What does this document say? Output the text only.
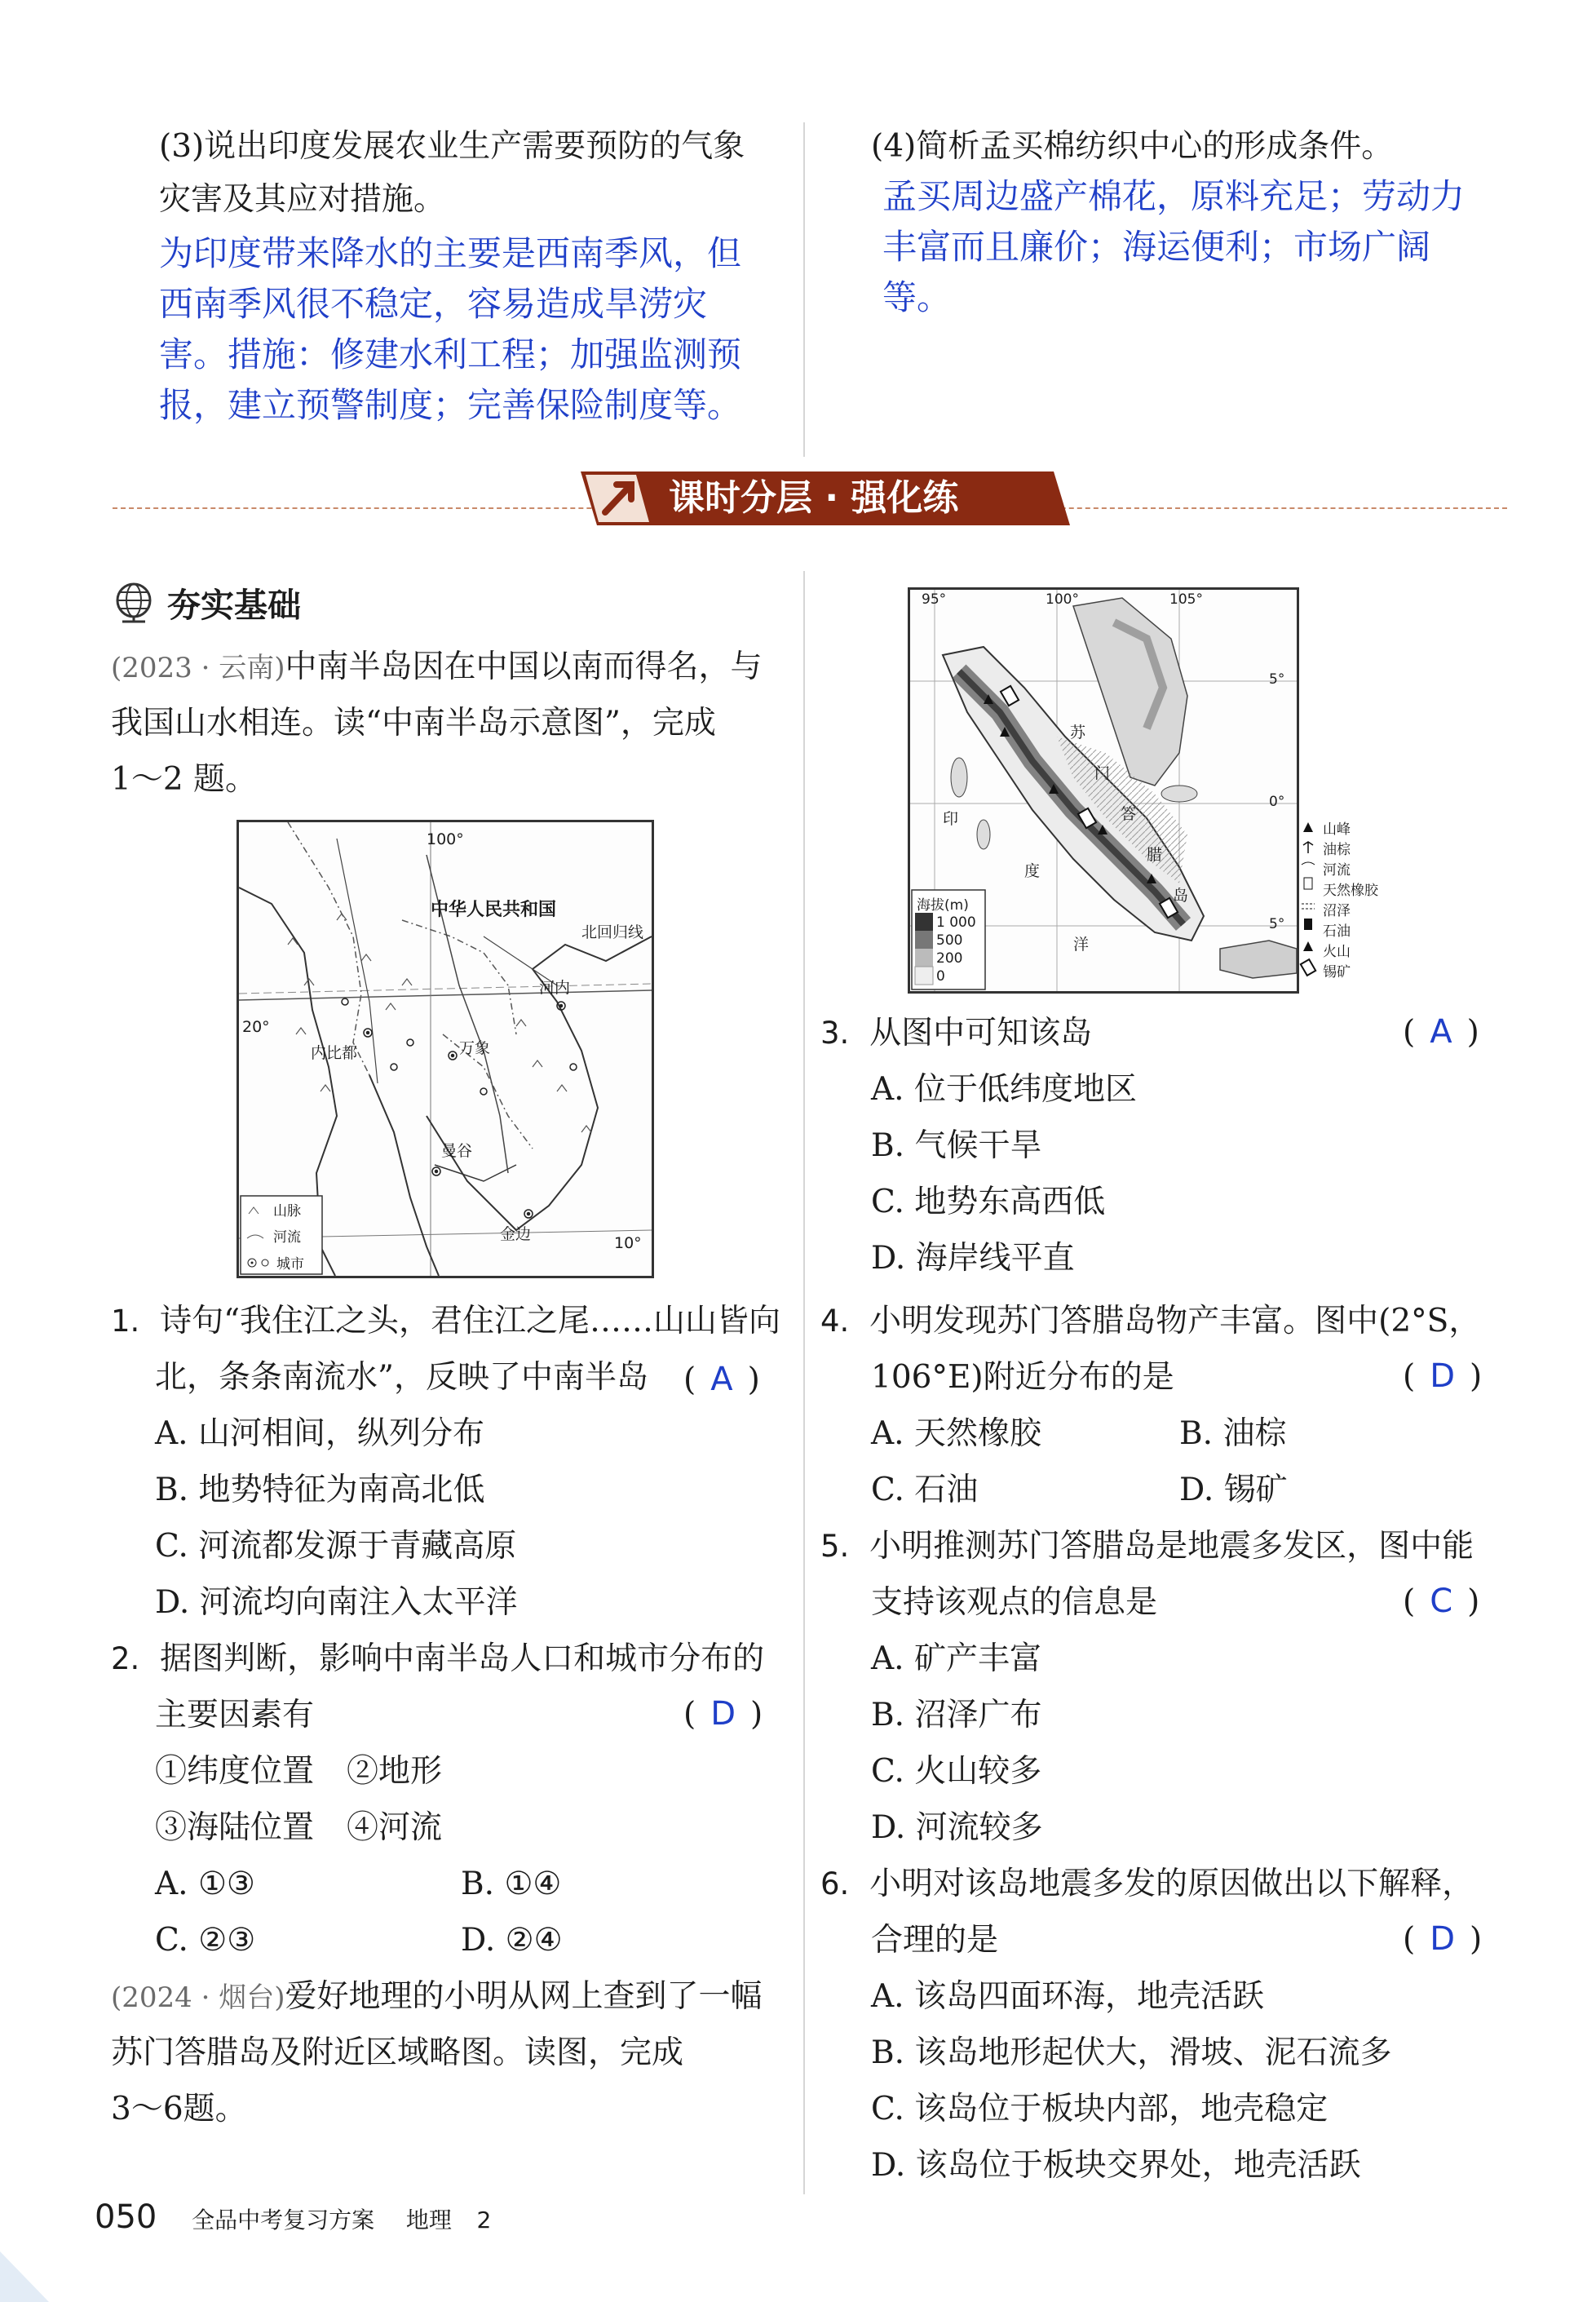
(3)说出印度发展农业生产需要预防的气象
灾害及其应对措施。
为印度带来降水的主要是西南季风，但
西南季风很不稳定，容易造成旱涝灾
害。措施：修建水利工程；加强监测预
报，建立预警制度；完善保险制度等。
(4)简析孟买棉纺织中心的形成条件。
孟买周边盛产棉花，原料充足；劳动力
丰富而且廉价；海运便利；市场广阔
等。
课时分层 · 强化练
夯实基础
(2023 · 云南)中南半岛因在中国以南而得名，与
我国山水相连。读“中南半岛示意图”，完成
1～2 题。
100°
中华人民共和国
北回归线
20°
10°
河内
内比都	万象
曼谷
金边
山脉
河流
城市
1. 诗句“我住江之头，君住江之尾……山山皆向
北，条条南流水”，反映了中南半岛 ( A )
A. 山河相间，纵列分布
B. 地势特征为南高北低
C. 河流都发源于青藏高原
D. 河流均向南注入太平洋
2. 据图判断，影响中南半岛人口和城市分布的
主要因素有	( D )
①纬度位置 ②地形
③海陆位置 ④河流
A. ①③	B. ①④
C. ②③	D. ②④
(2024 · 烟台)爱好地理的小明从网上查到了一幅
苏门答腊岛及附近区域略图。读图，完成
3～6题。
95°	100°	105°
5°
0°
5°
苏
门
答
腊
岛
印
度
洋
海拔(m)
1 000
500
200
0
山峰
油棕
河流
天然橡胶
沼泽
石油
火山
锡矿
3. 从图中可知该岛	( A )
A. 位于低纬度地区
B. 气候干旱
C. 地势东高西低
D. 海岸线平直
4. 小明发现苏门答腊岛物产丰富。图中(2°S，
106°E)附近分布的是	( D )
A. 天然橡胶	B. 油棕
C. 石油	D. 锡矿
5. 小明推测苏门答腊岛是地震多发区，图中能
支持该观点的信息是	( C )
A. 矿产丰富
B. 沼泽广布
C. 火山较多
D. 河流较多
6. 小明对该岛地震多发的原因做出以下解释，
合理的是	( D )
A. 该岛四面环海，地壳活跃
B. 该岛地形起伏大，滑坡、泥石流多
C. 该岛位于板块内部，地壳稳定
D. 该岛位于板块交界处，地壳活跃
050 全品中考复习方案 地理 2
